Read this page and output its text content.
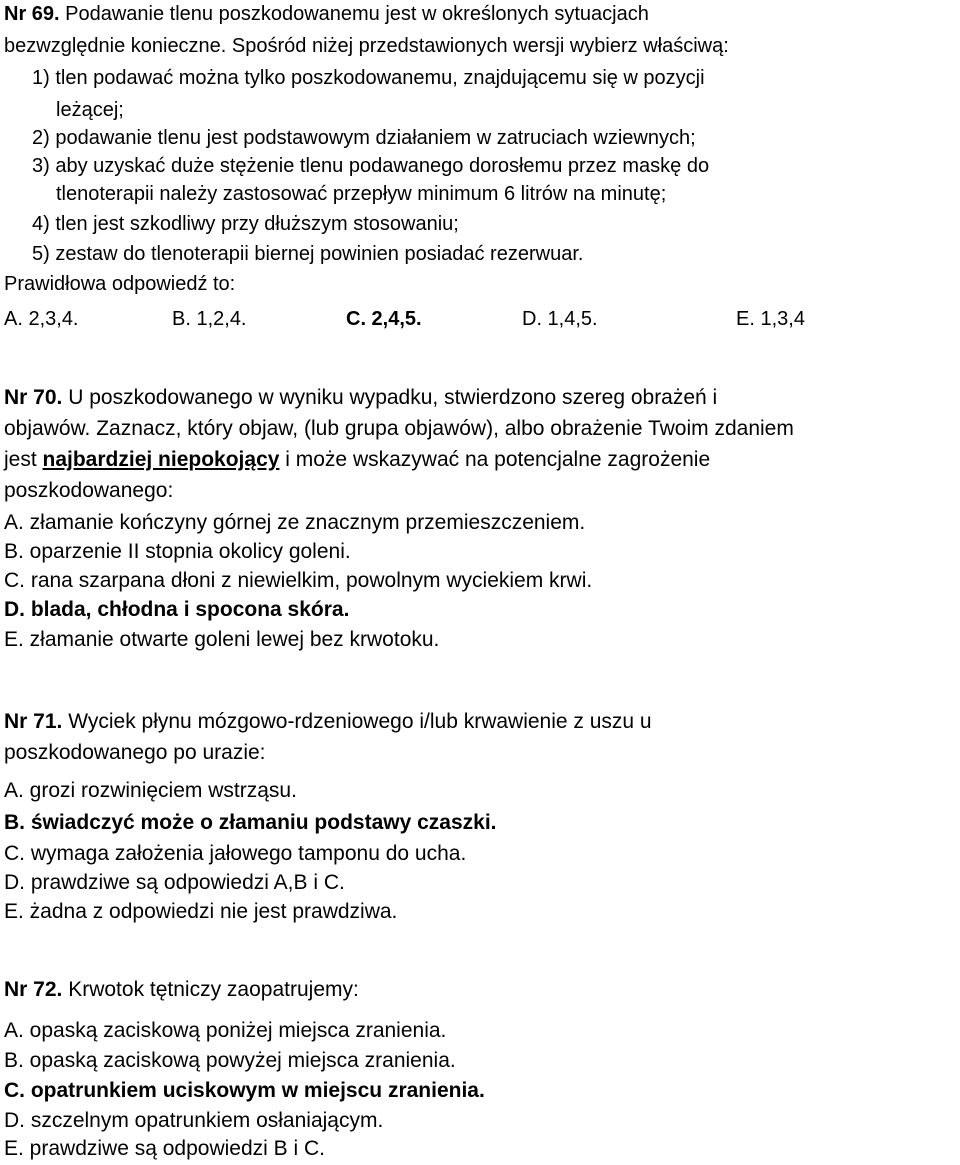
Nr 69. Podawanie tlenu poszkodowanemu jest w określonych sytuacjach
bezwzględnie konieczne. Spośród niżej przedstawionych wersji wybierz właściwą:
1) tlen podawać można tylko poszkodowanemu, znajdującemu się w pozycji
leżącej;
2) podawanie tlenu jest podstawowym działaniem w zatruciach wziewnych;
3) aby uzyskać duże stężenie tlenu podawanego dorosłemu przez maskę do
tlenoterapii należy zastosować przepływ minimum 6 litrów na minutę;
4) tlen jest szkodliwy przy dłuższym stosowaniu;
5) zestaw do tlenoterapii biernej powinien posiadać rezerwuar.
Prawidłowa odpowiedź to:
A. 2,3,4.	B. 1,2,4.	C. 2,4,5.	D. 1,4,5.	E. 1,3,4
Nr 70. U poszkodowanego w wyniku wypadku, stwierdzono szereg obrażeń i
objawów. Zaznacz, który objaw, (lub grupa objawów), albo obrażenie Twoim zdaniem
jest najbardziej niepokojący i może wskazywać na potencjalne zagrożenie
poszkodowanego:
A. złamanie kończyny górnej ze znacznym przemieszczeniem.
B. oparzenie II stopnia okolicy goleni.
C. rana szarpana dłoni z niewielkim, powolnym wyciekiem krwi.
D. blada, chłodna i spocona skóra.
E. złamanie otwarte goleni lewej bez krwotoku.
Nr 71. Wyciek płynu mózgowo-rdzeniowego i/lub krwawienie z uszu u
poszkodowanego po urazie:
A. grozi rozwinięciem wstrząsu.
B. świadczyć może o złamaniu podstawy czaszki.
C. wymaga założenia jałowego tamponu do ucha.
D. prawdziwe są odpowiedzi A,B i C.
E. żadna z odpowiedzi nie jest prawdziwa.
Nr 72. Krwotok tętniczy zaopatrujemy:
A. opaską zaciskową poniżej miejsca zranienia.
B. opaską zaciskową powyżej miejsca zranienia.
C. opatrunkiem uciskowym w miejscu zranienia.
D. szczelnym opatrunkiem osłaniającym.
E. prawdziwe są odpowiedzi B i C.
